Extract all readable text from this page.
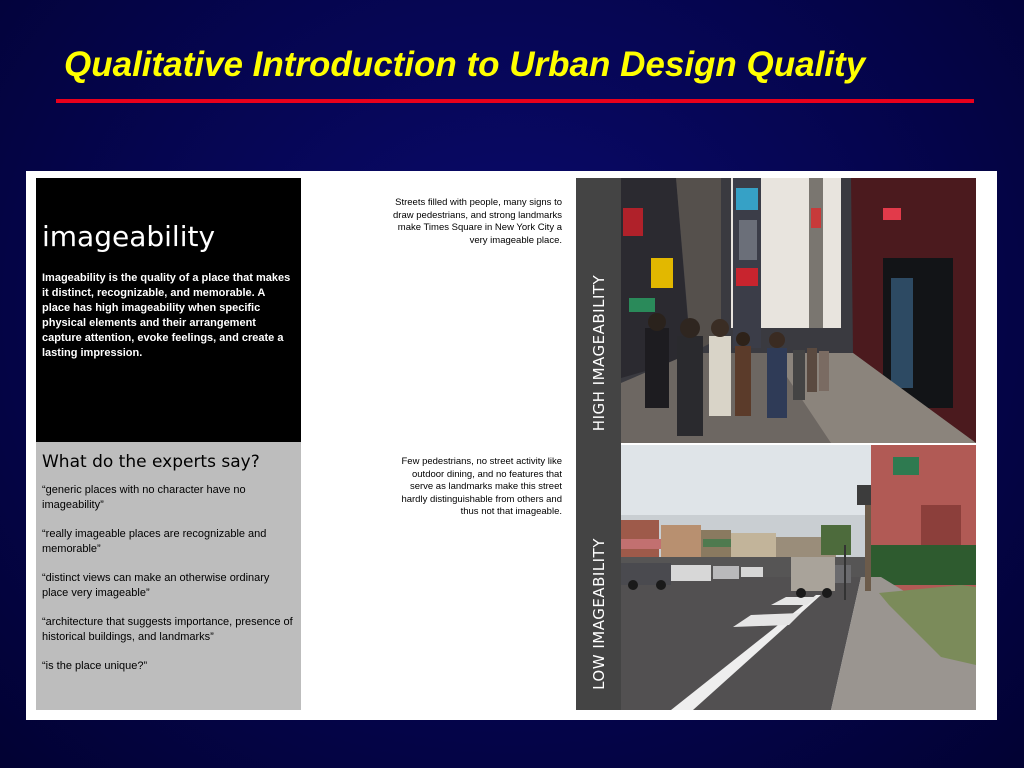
Qualitative Introduction to Urban Design Quality
imageability

Imageability is the quality of a place that makes it distinct, recognizable, and memorable. A place has high imageability when specific physical elements and their arrangement capture attention, evoke feelings, and create a lasting impression.

What do the experts say?

“generic places with no character have no imageability”

“really imageable places are recognizable and memorable”

“distinct views can make an otherwise ordinary place very imageable”

“architecture that suggests importance, presence of historical buildings, and landmarks”

“is the place unique?”

Streets filled with people, many signs to draw pedestrians, and strong landmarks make Times Square in New York City a very imageable place.

Few pedestrians, no street activity like outdoor dining, and no features that serve as landmarks make this street hardly distinguishable from others and thus not that imageable.

HIGH IMAGEABILITY
LOW IMAGEABILITY
